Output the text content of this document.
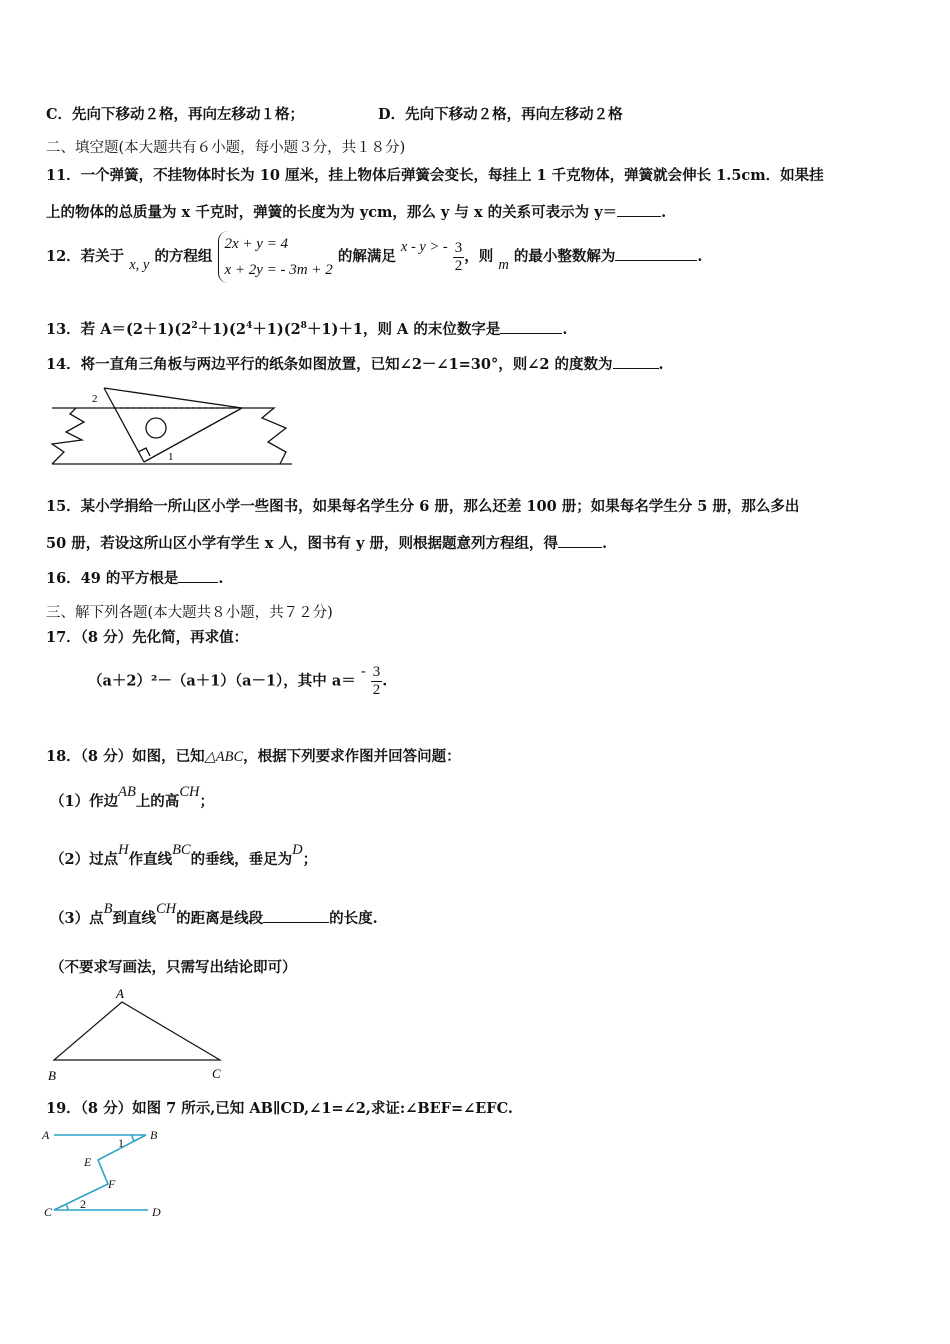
C．先向下移动２格，再向左移动１格；	D．先向下移动２格，再向左移动２格
二、填空题(本大题共有６小题，每小题３分，共１８分)
11．一个弹簧，不挂物体时长为 10 厘米，挂上物体后弹簧会变长，每挂上 1 千克物体，弹簧就会伸长 1.5cm．如果挂
上的物体的总质量为 x 千克时，弹簧的长度为为 ycm，那么 y 与 x 的关系可表示为 y＝	.
12．若关于 x, y 的方程组
2x + y = 4
x + 2y = - 3m + 2
的解满足 x - y > - $\frac{3}{2}$ ，则 m 的最小整数解为	.
13．若 $A=(2+1)(2^2+1)(2^4+1)(2^8+1)+1$，则 A 的末位数字是	.
14．将一直角三角板与两边平行的纸条如图放置，已知∠2－∠1=30°，则∠2 的度数为	.
2
1
15．某小学捐给一所山区小学一些图书，如果每名学生分 6 册，那么还差 100 册；如果每名学生分 5 册，那么多出
50 册，若设这所山区小学有学生 x 人，图书有 y 册，则根据题意列方程组，得	.
16．49 的平方根是	.
三、解下列各题(本大题共８小题，共７２分)
17．（8 分）先化简，再求值：
（a＋2）²－（a＋1）（a－1），其中 $a= - \frac{3}{2}$ .
18．（8 分）如图，已知△ABC，根据下列要求作图并回答问题：
（1）作边AB上的高CH；
（2）过点H作直线BC的垂线，垂足为D；
（3）点B到直线CH的距离是线段	的长度.
（不要求写画法，只需写出结论即可）
A
B	C
19．（8 分）如图 7 所示,已知 AB∥CD,∠1=∠2,求证:∠BEF=∠EFC.
A	B
E
F
C	D
1
2
